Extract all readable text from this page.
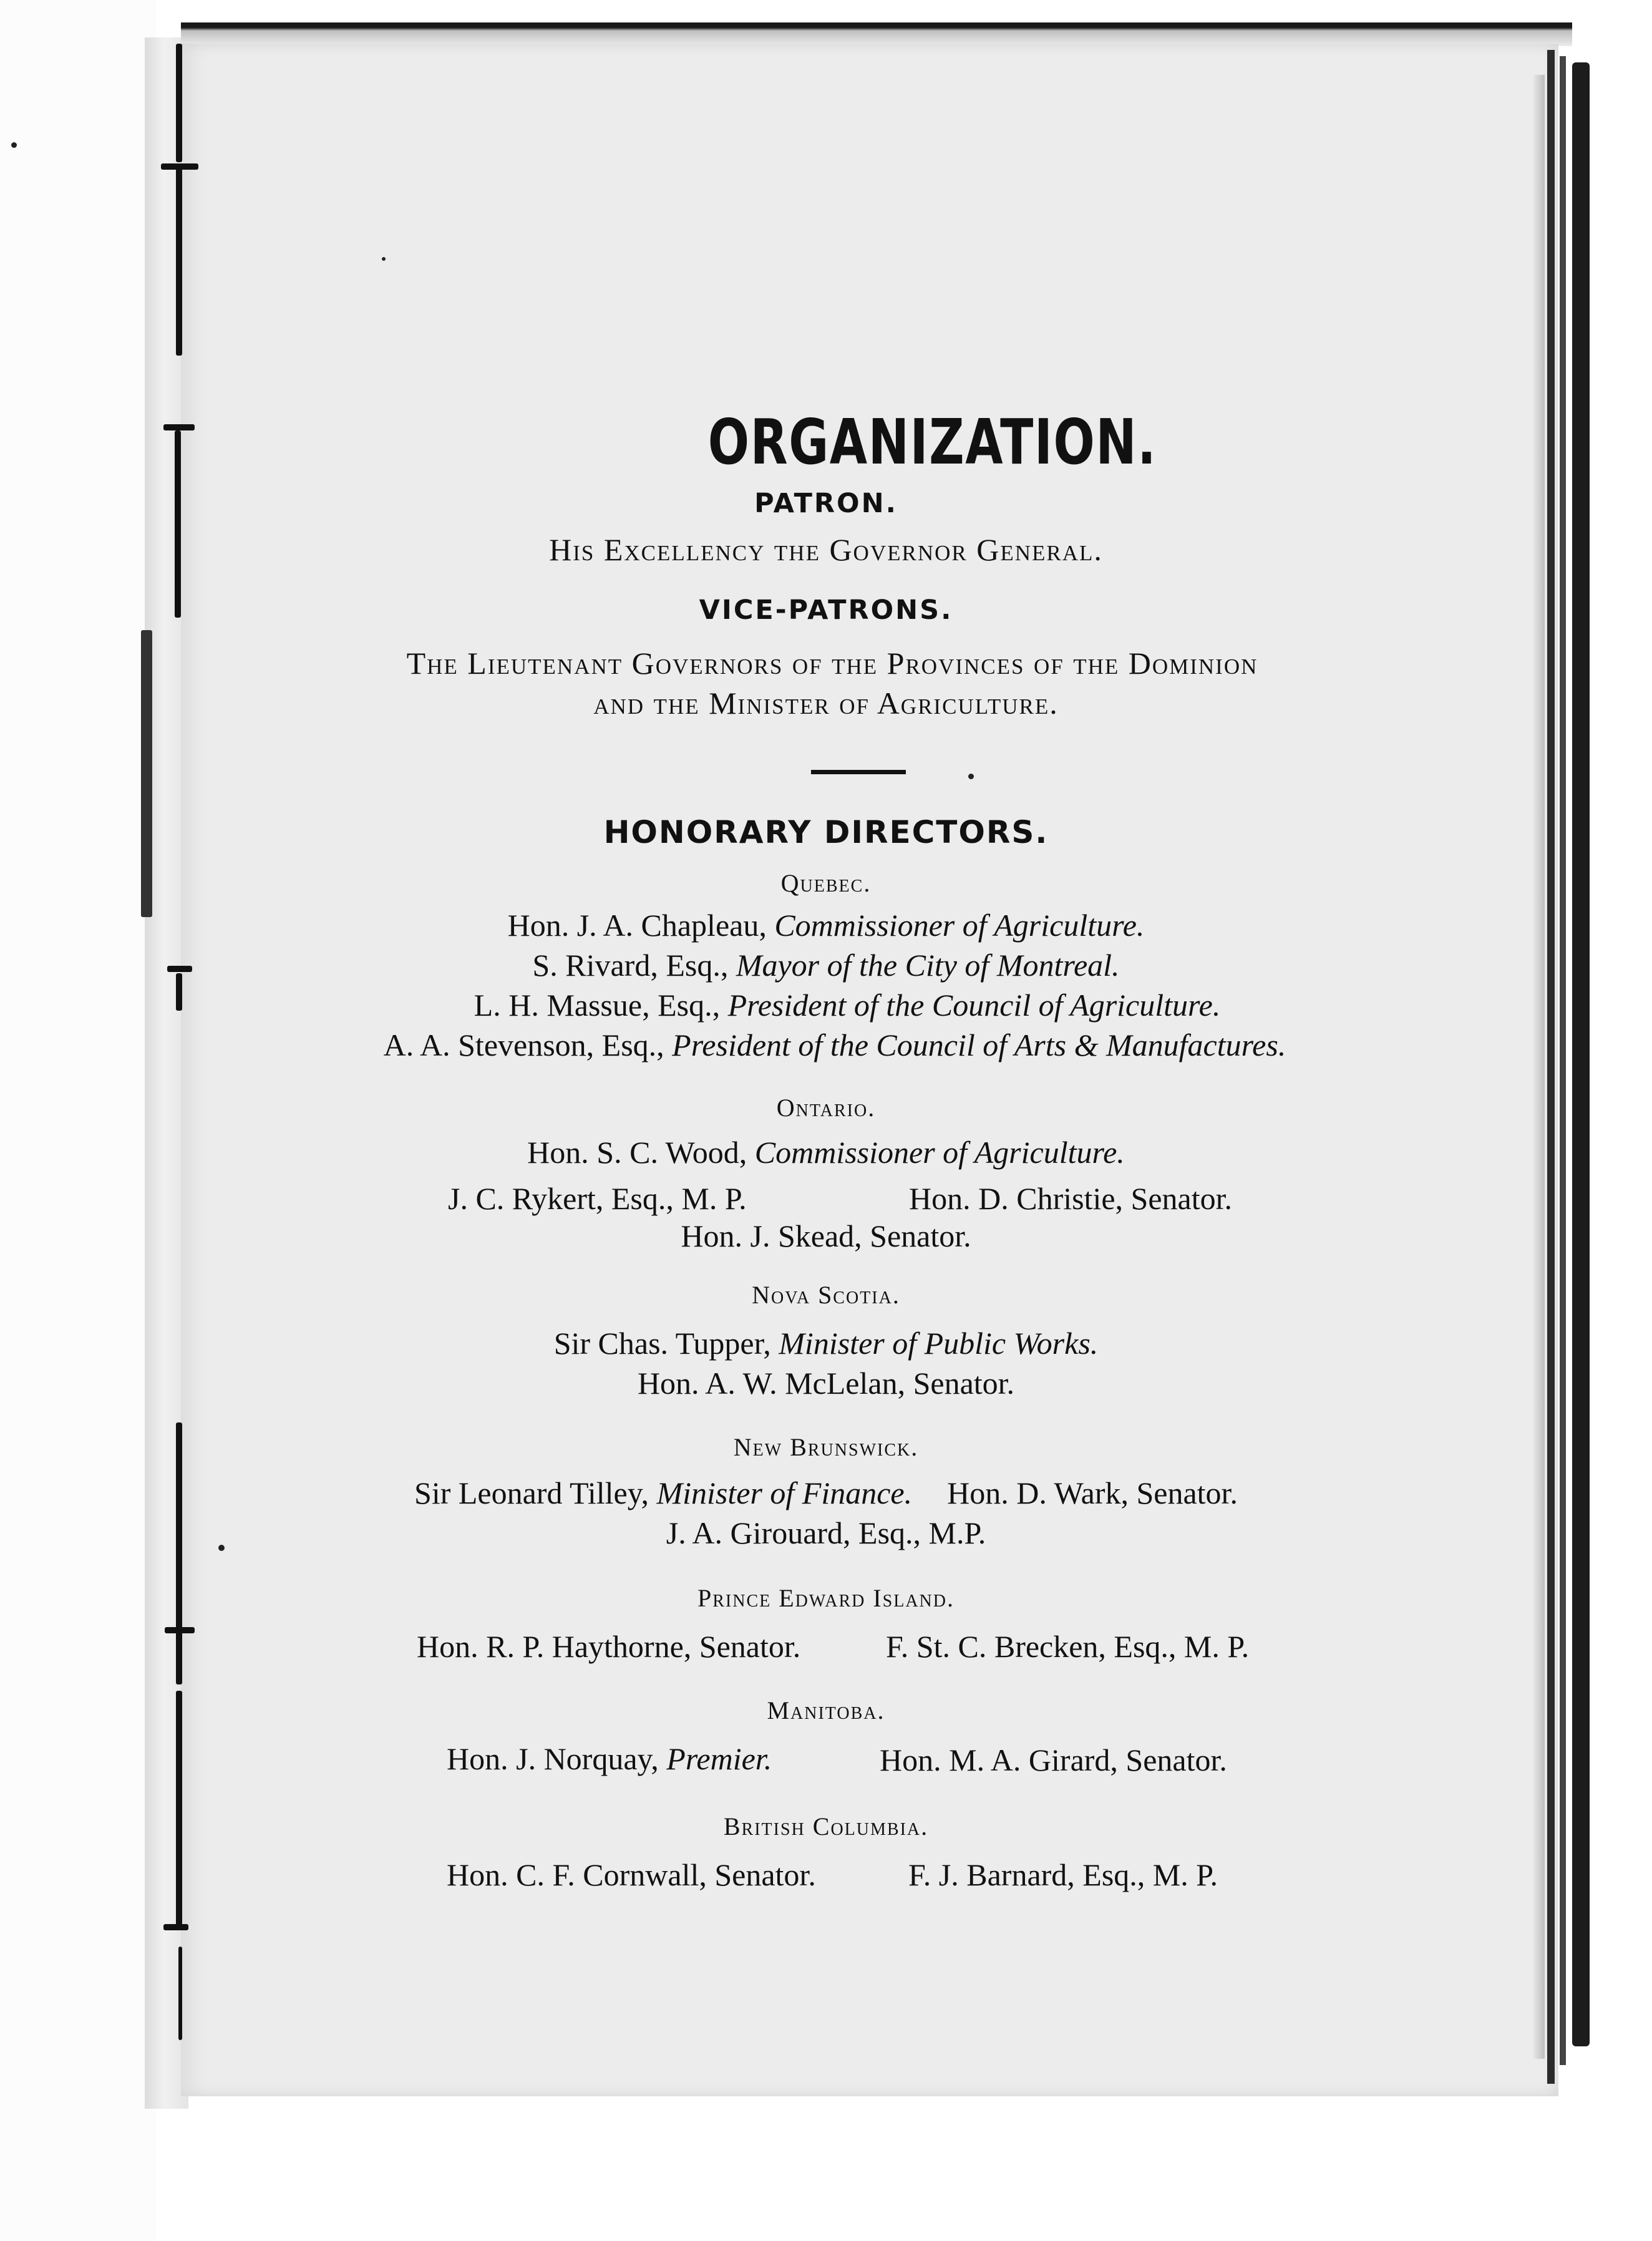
ORGANIZATION.
PATRON.
His Excellency the Governor General.
VICE-PATRONS.
The Lieutenant Governors of the Provinces of the Dominion
and the Minister of Agriculture.
HONORARY DIRECTORS.
Quebec.
Hon. J. A. Chapleau, Commissioner of Agriculture.
S. Rivard, Esq., Mayor of the City of Montreal.
L. H. Massue, Esq., President of the Council of Agriculture.
A. A. Stevenson, Esq., President of the Council of Arts & Manufactures.
Ontario.
Hon. S. C. Wood, Commissioner of Agriculture.
J. C. Rykert, Esq., M. P.	Hon. D. Christie, Senator.
Hon. J. Skead, Senator.
Nova Scotia.
Sir Chas. Tupper, Minister of Public Works.
Hon. A. W. McLelan, Senator.
New Brunswick.
Sir Leonard Tilley, Minister of Finance. Hon. D. Wark, Senator.
J. A. Girouard, Esq., M.P.
Prince Edward Island.
Hon. R. P. Haythorne, Senator.	F. St. C. Brecken, Esq., M. P.
Manitoba.
Hon. J. Norquay, Premier.	Hon. M. A. Girard, Senator.
British Columbia.
Hon. C. F. Cornwall, Senator.	F. J. Barnard, Esq., M. P.
